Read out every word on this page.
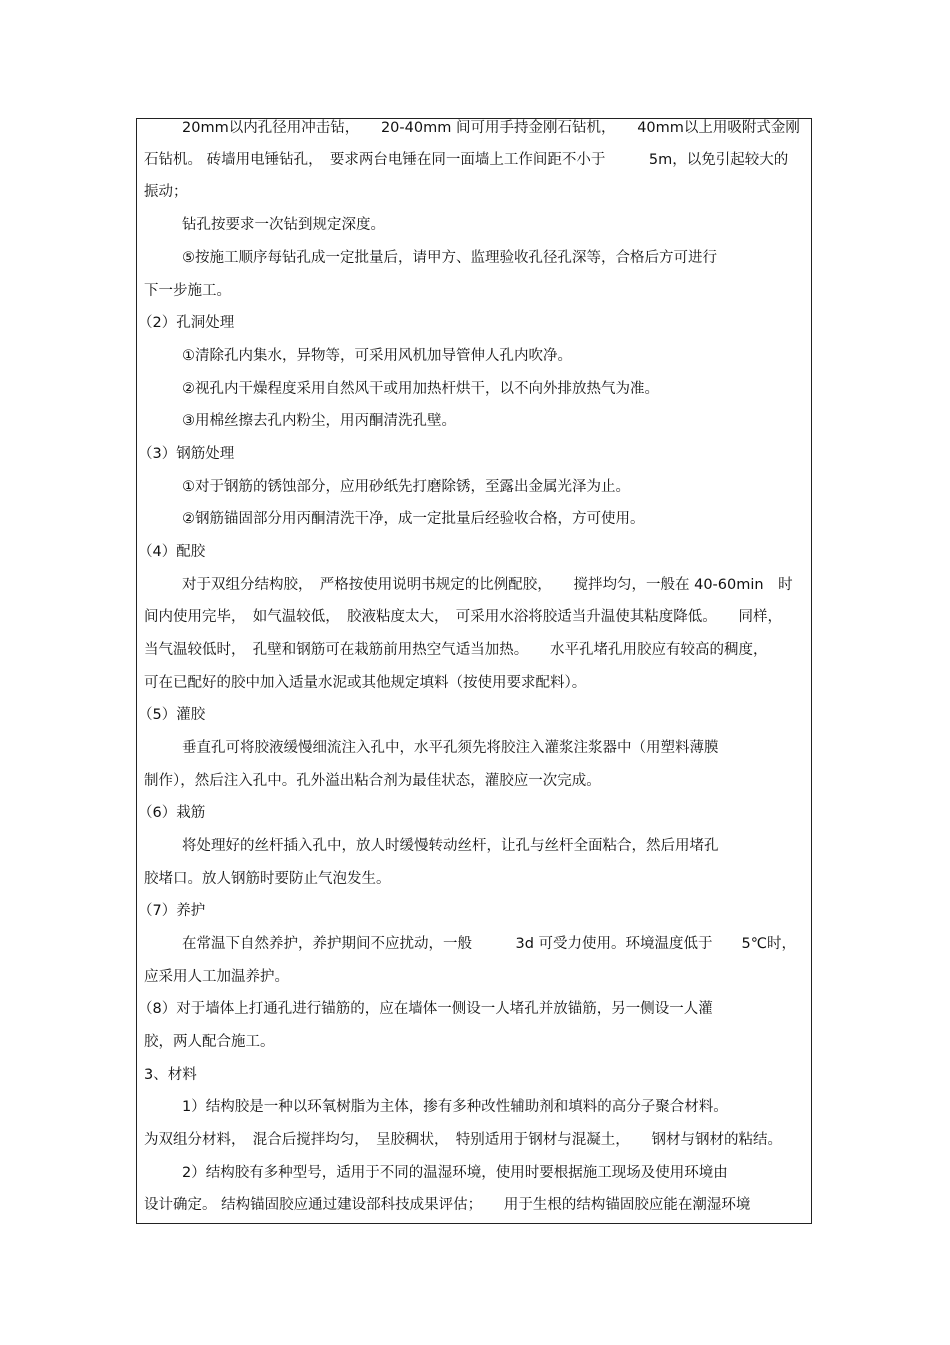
20mm以内孔径用冲击钻，　　20-40mm 间可用手持金刚石钻机，　　40mm以上用吸附式金刚
石钻机。 砖墙用电锤钻孔，　要求两台电锤在同一面墙上工作间距不小于　　　5m，以免引起较大的
振动；
钻孔按要求一次钻到规定深度。
⑤按施工顺序每钻孔成一定批量后，请甲方、监理验收孔径孔深等，合格后方可进行
下一步施工。
（2）孔洞处理
①清除孔内集水，异物等，可采用风机加导管伸人孔内吹净。
②视孔内干燥程度采用自然风干或用加热杆烘干，以不向外排放热气为准。
③用棉丝擦去孔内粉尘，用丙酮清洗孔壁。
（3）钢筋处理
①对于钢筋的锈蚀部分，应用砂纸先打磨除锈，至露出金属光泽为止。
②钢筋锚固部分用丙酮清洗干净，成一定批量后经验收合格，方可使用。
（4）配胶
对于双组分结构胶，　严格按使用说明书规定的比例配胶，　　搅拌均匀，一般在 40-60min　时
间内使用完毕，　如气温较低，　胶液粘度太大，　可采用水浴将胶适当升温使其粘度降低。　　同样，
当气温较低时，　孔壁和钢筋可在栽筋前用热空气适当加热。　　水平孔堵孔用胶应有较高的稠度，
可在已配好的胶中加入适量水泥或其他规定填料（按使用要求配料）。
（5）灌胶
垂直孔可将胶液缓慢细流注入孔中，水平孔须先将胶注入灌浆注浆器中（用塑料薄膜
制作），然后注入孔中。孔外溢出粘合剂为最佳状态，灌胶应一次完成。
（6）栽筋
将处理好的丝杆插入孔中，放人时缓慢转动丝杆，让孔与丝杆全面粘合，然后用堵孔
胶堵口。放人钢筋时要防止气泡发生。
（7）养护
在常温下自然养护，养护期间不应扰动，一般　　　3d 可受力使用。环境温度低于　　5℃时，
应采用人工加温养护。
（8）对于墙体上打通孔进行锚筋的，应在墙体一侧设一人堵孔并放锚筋，另一侧设一人灌
胶，两人配合施工。
3、材料
1）结构胶是一种以环氧树脂为主体，掺有多种改性辅助剂和填料的高分子聚合材料。
为双组分材料，　混合后搅拌均匀，　呈胶稠状，　特别适用于钢材与混凝土，　　钢材与钢材的粘结。
2）结构胶有多种型号，适用于不同的温湿环境，使用时要根据施工现场及使用环境由
设计确定。 结构锚固胶应通过建设部科技成果评估；　　用于生根的结构锚固胶应能在潮湿环境
